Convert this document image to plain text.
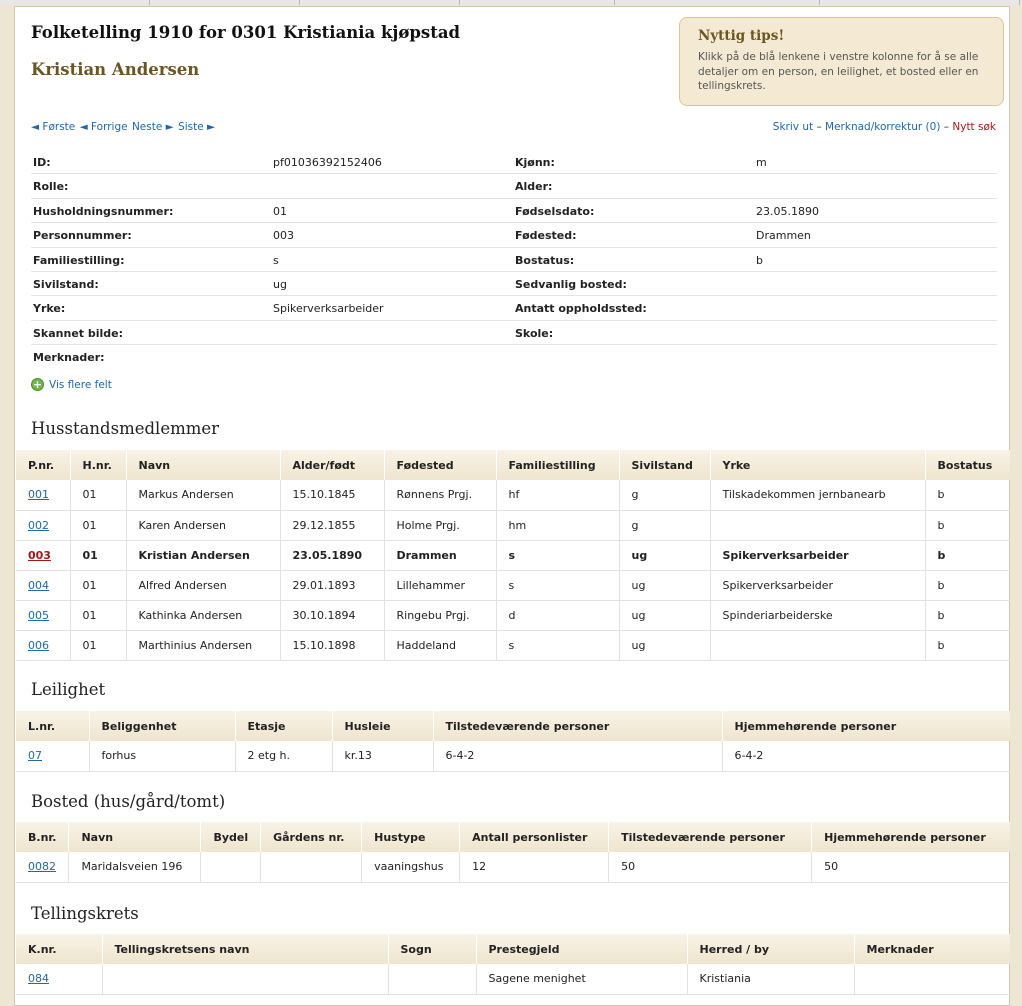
Folketelling 1910 for 0301 Kristiania kjøpstad
Kristian Andersen
Nyttig tips!
Klikk på de blå lenkene i venstre kolonne for å se alle detaljer om en person, en leilighet, et bosted eller en tellingskrets.
◄ Første ◄ Forrige Neste ► Siste ►	Skriv ut – Merknad/korrektur (0) – Nytt søk
ID:	pf01036392152406	Kjønn:	m
Rolle:	Alder:
Husholdningsnummer:	01	Fødselsdato:	23.05.1890
Personnummer:	003	Fødested:	Drammen
Familiestilling:	s	Bostatus:	b
Sivilstand:	ug	Sedvanlig bosted:
Yrke:	Spikerverksarbeider	Antatt oppholdssted:
Skannet bilde:	Skole:
Merknader:
+ Vis flere felt
Husstandsmedlemmer
P.nr.	H.nr.	Navn	Alder/født	Fødested	Familiestilling	Sivilstand	Yrke	Bostatus
001	01	Markus Andersen	15.10.1845	Rønnens Prgj.	hf	g	Tilskadekommen jernbanearb	b
002	01	Karen Andersen	29.12.1855	Holme Prgj.	hm	g		b
003	01	Kristian Andersen	23.05.1890	Drammen	s	ug	Spikerverksarbeider	b
004	01	Alfred Andersen	29.01.1893	Lillehammer	s	ug	Spikerverksarbeider	b
005	01	Kathinka Andersen	30.10.1894	Ringebu Prgj.	d	ug	Spinderiarbeiderske	b
006	01	Marthinius Andersen	15.10.1898	Haddeland	s	ug		b
Leilighet
L.nr.	Beliggenhet	Etasje	Husleie	Tilstedeværende personer	Hjemmehørende personer
07	forhus	2 etg h.	kr.13	6-4-2	6-4-2
Bosted (hus/gård/tomt)
B.nr.	Navn	Bydel	Gårdens nr.	Hustype	Antall personlister	Tilstedeværende personer	Hjemmehørende personer
0082	Maridalsveien 196			vaaningshus	12	50	50
Tellingskrets
K.nr.	Tellingskretsens navn	Sogn	Prestegjeld	Herred / by	Merknader
084			Sagene menighet	Kristiania	
